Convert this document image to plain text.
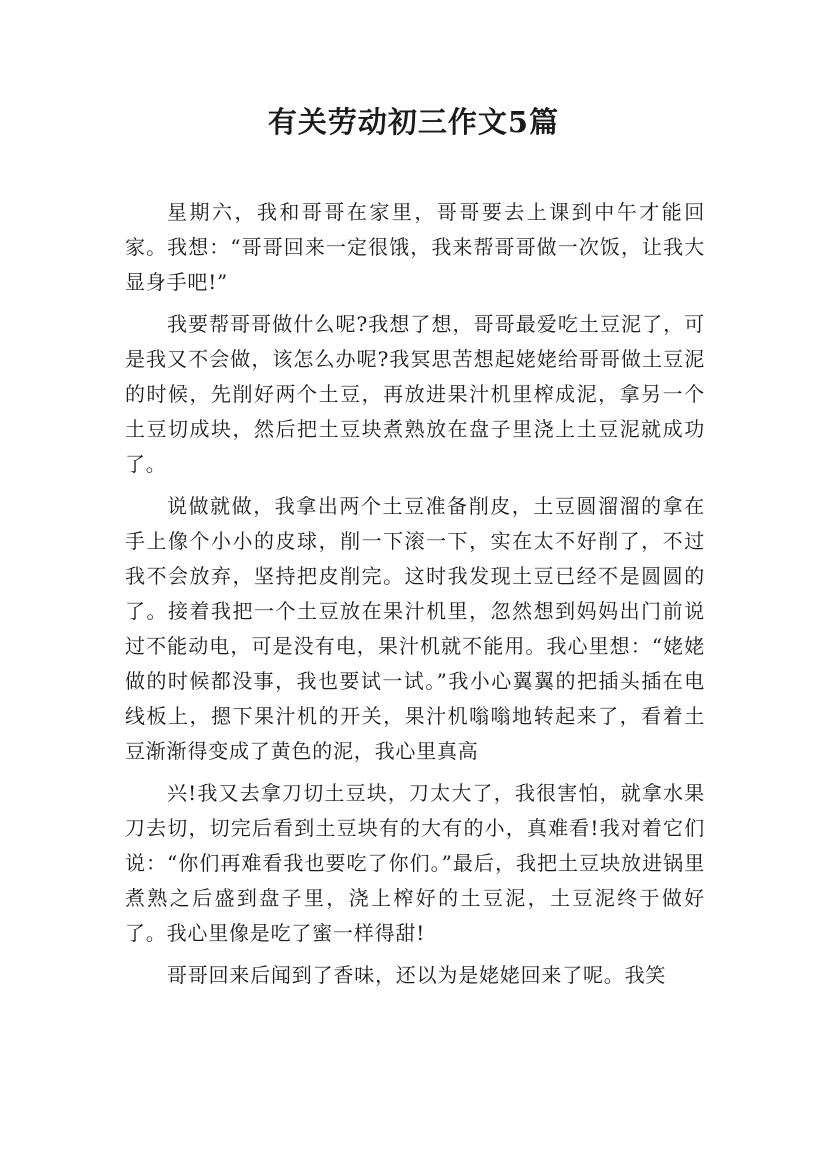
有关劳动初三作文5篇

星期六，我和哥哥在家里，哥哥要去上课到中午才能回家。我想：“哥哥回来一定很饿，我来帮哥哥做一次饭，让我大显身手吧!”

我要帮哥哥做什么呢?我想了想，哥哥最爱吃土豆泥了，可是我又不会做，该怎么办呢?我冥思苦想起姥姥给哥哥做土豆泥的时候，先削好两个土豆，再放进果汁机里榨成泥，拿另一个土豆切成块，然后把土豆块煮熟放在盘子里浇上土豆泥就成功了。

说做就做，我拿出两个土豆准备削皮，土豆圆溜溜的拿在手上像个小小的皮球，削一下滚一下，实在太不好削了，不过我不会放弃，坚持把皮削完。这时我发现土豆已经不是圆圆的了。接着我把一个土豆放在果汁机里，忽然想到妈妈出门前说过不能动电，可是没有电，果汁机就不能用。我心里想：“姥姥做的时候都没事，我也要试一试。”我小心翼翼的把插头插在电线板上，摁下果汁机的开关，果汁机嗡嗡地转起来了，看着土豆渐渐得变成了黄色的泥，我心里真高

兴!我又去拿刀切土豆块，刀太大了，我很害怕，就拿水果刀去切，切完后看到土豆块有的大有的小，真难看!我对着它们说：“你们再难看我也要吃了你们。”最后，我把土豆块放进锅里煮熟之后盛到盘子里，浇上榨好的土豆泥，土豆泥终于做好了。我心里像是吃了蜜一样得甜!

哥哥回来后闻到了香味，还以为是姥姥回来了呢。我笑
